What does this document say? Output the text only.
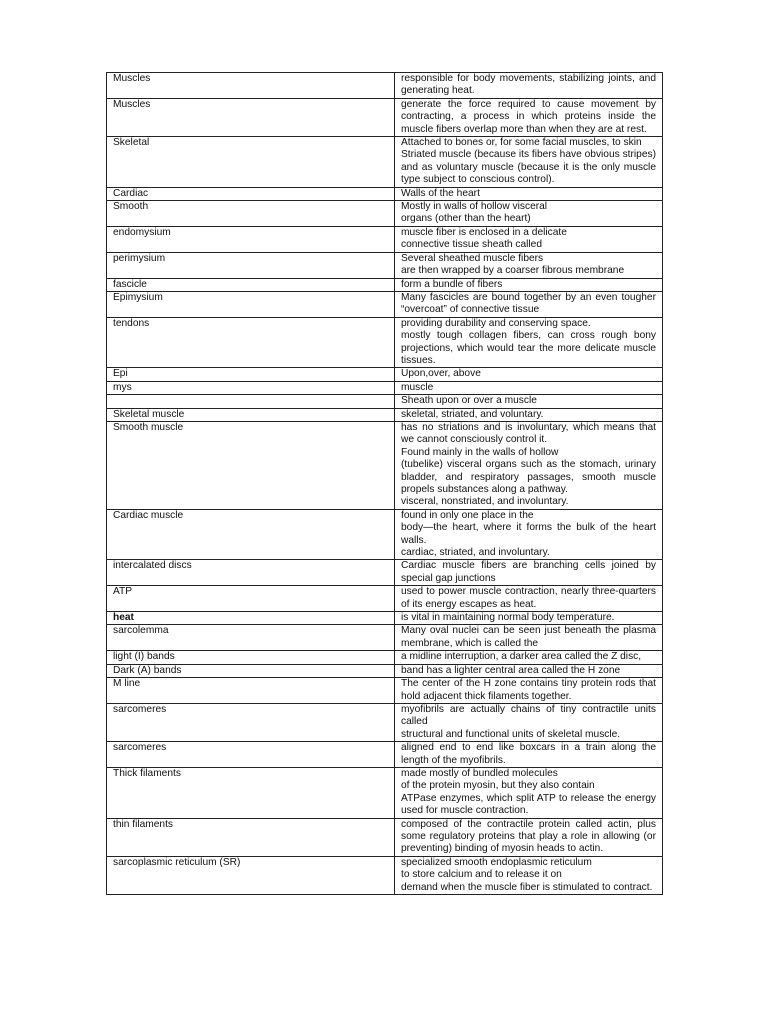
Muscles	responsible for body movements, stabilizing joints, and generating heat.

Muscles	generate the force required to cause movement by contracting, a process in which proteins inside the muscle fibers overlap more than when they are at rest.

Skeletal	Attached to bones or, for some facial muscles, to skin
Striated muscle (because its fibers have obvious stripes) and as voluntary muscle (because it is the only muscle type subject to conscious control).

Cardiac	Walls of the heart

Smooth	Mostly in walls of hollow visceral
organs (other than the heart)

endomysium	muscle fiber is enclosed in a delicate
connective tissue sheath called

perimysium	Several sheathed muscle fibers
are then wrapped by a coarser fibrous membrane

fascicle	form a bundle of fibers

Epimysium	Many fascicles are bound together by an even tougher “overcoat” of connective tissue

tendons	providing durability and conserving space.
mostly tough collagen fibers, can cross rough bony projections, which would tear the more delicate muscle tissues.

Epi	Upon,over, above

mys	muscle

	Sheath upon or over a muscle

Skeletal muscle	skeletal, striated, and voluntary.

Smooth muscle	has no striations and is involuntary, which means that we cannot consciously control it.
Found mainly in the walls of hollow
(tubelike) visceral organs such as the stomach, urinary bladder, and respiratory passages, smooth muscle propels substances along a pathway.
visceral, nonstriated, and involuntary.

Cardiac muscle	found in only one place in the
body—the heart, where it forms the bulk of the heart walls.
cardiac, striated, and involuntary.

intercalated discs	Cardiac muscle fibers are branching cells joined by special gap junctions

ATP	used to power muscle contraction, nearly three-quarters of its energy escapes as heat.

heat	is vital in maintaining normal body temperature.

sarcolemma	Many oval nuclei can be seen just beneath the plasma membrane, which is called the

light (I) bands	a midline interruption, a darker area called the Z disc,

Dark (A) bands	band has a lighter central area called the H zone

M line	The center of the H zone contains tiny protein rods that hold adjacent thick filaments together.

sarcomeres	myofibrils are actually chains of tiny contractile units called
structural and functional units of skeletal muscle.

sarcomeres	aligned end to end like boxcars in a train along the length of the myofibrils.

Thick filaments	made mostly of bundled molecules
of the protein myosin, but they also contain
ATPase enzymes, which split ATP to release the energy used for muscle contraction.

thin filaments	composed of the contractile protein called actin, plus some regulatory proteins that play a role in allowing (or preventing) binding of myosin heads to actin.

sarcoplasmic reticulum (SR)	specialized smooth endoplasmic reticulum
to store calcium and to release it on
demand when the muscle fiber is stimulated to contract.
